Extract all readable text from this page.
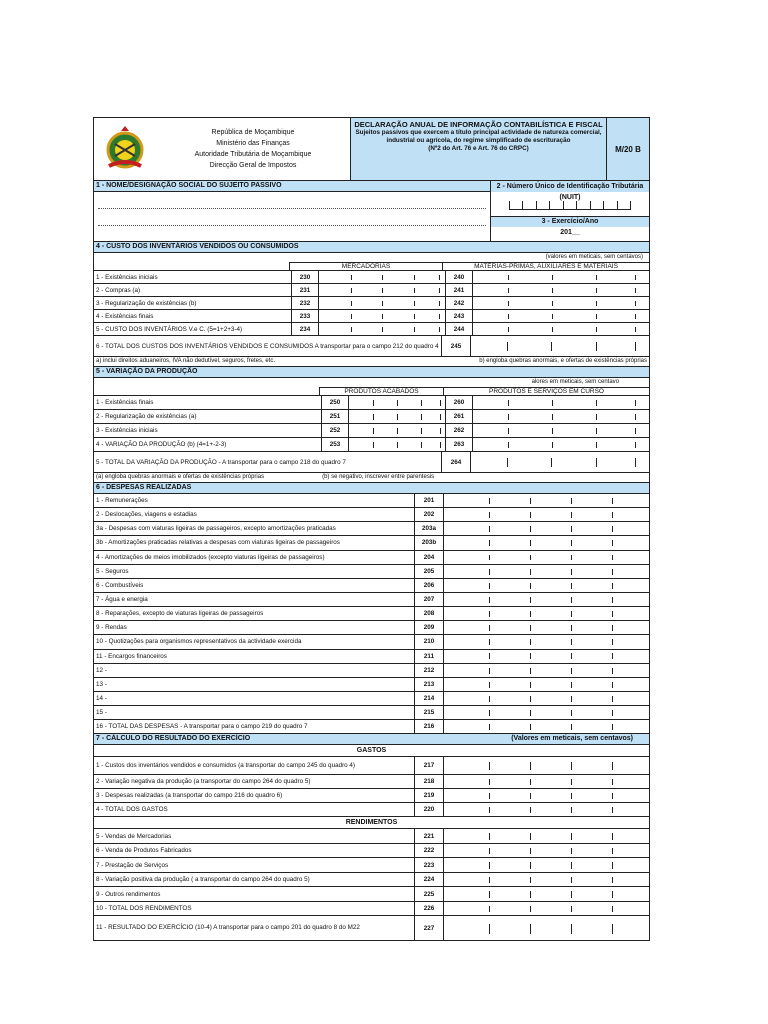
República de Moçambique
Ministério das Finanças
Autoridade Tributária de Moçambique
Direcção Geral de Impostos
DECLARAÇÃO ANUAL DE INFORMAÇÃO CONTABILÍSTICA E FISCAL
Sujeitos passivos que exercem a título principal actividade de natureza comercial, industrial ou agrícola, do regime simplificado de escrituração
(Nº2 do Art. 76 e Art. 76 do CRPC)	M/20 B
1 - NOME/DESIGNAÇÃO SOCIAL DO SUJEITO PASSIVO	2 - Número Único de Identificação Tributária (NUIT)
3 - Exercício/Ano
201__
4 - CUSTO DOS INVENTÁRIOS VENDIDOS OU CONSUMIDOS
(valores em meticais, sem centavos)
MERCADORIAS	MATÉRIAS-PRIMAS, AUXILIARES E MATERIAIS
1 - Existências iniciais	230	240
2 - Compras (a)	231	241
3 - Regularização de existências (b)	232	242
4 - Existências finais	233	243
5 - CUSTO DOS INVENTÁRIOS V.e C. (5=1+2+3-4)	234	244
6 - TOTAL DOS CUSTOS DOS INVENTÁRIOS VENDIDOS E CONSUMIDOS A transportar para o campo 212 do quadro 4	245
a) inclui direitos aduaneiros, IVA não dedutível, seguros, fretes, etc.	b) engloba quebras anormais, e ofertas de existências próprias
5 - VARIAÇÃO DA PRODUÇÃO
alores em meticais, sem centavo
PRODUTOS ACABADOS	PRODUTOS E SERVIÇOS EM CURSO
1 - Existências finais	250	260
2 - Regularização de existências (a)	251	261
3 - Existências iniciais	252	262
4 - VARIAÇÃO DA PRODUÇÃO (b) (4=1+-2-3)	253	263
5 - TOTAL DA VARIAÇÃO DA PRODUÇÃO - A transportar para o campo 218 do quadro 7	264
(a) engloba quebras anormais e ofertas de existências próprias	(b) se negativo, inscrever entre parentesis
6 - DESPESAS REALIZADAS
1 - Remunerações	201
2 - Deslocações, viagens e estadias	202
3a - Despesas com viaturas ligeiras de passageiros, excepto amortizações praticadas	203a
3b - Amortizações praticadas relativas a despesas com viaturas ligeiras de passageiros	203b
4 - Amortizações de meios imobilizados (excepto viaturas ligeiras de passageiros)	204
5 - Seguros	205
6 - Combustíveis	206
7 - Água e energia	207
8 - Reparações, excepto de viaturas ligeiras de passageiros	208
9 - Rendas	209
10 - Quotizações para organismos representativos da actividade exercida	210
11 - Encargos financeiros	211
12 -	212
13 -	213
14 -	214
15 -	215
16 - TOTAL DAS DESPESAS - A transportar para o campo 219 do quadro 7	216
7 - CÁLCULO DO RESULTADO DO EXERCÍCIO	(Valores em meticais, sem centavos)
GASTOS
1 - Custos dos inventários vendidos e consumidos (a transportar do campo 245 do quadro 4)	217
2 - Variação negativa da produção (a transportar do campo 264 do quadro 5)	218
3 - Despesas realizadas (a transportar do campo 216 do quadro 6)	219
4 - TOTAL DOS GASTOS	220
RENDIMENTOS
5 - Vendas de Mercadorias	221
6 - Venda de Produtos Fabricados	222
7 - Prestação de Serviços	223
8 - Variação positiva da produção ( a transportar do campo 264 do quadro 5)	224
9 - Outros rendimentos	225
10 - TOTAL DOS RENDIMENTOS	226
11 - RESULTADO DO EXERCÍCIO (10-4) A transportar para o campo 201 do quadro 8 do M22	227
